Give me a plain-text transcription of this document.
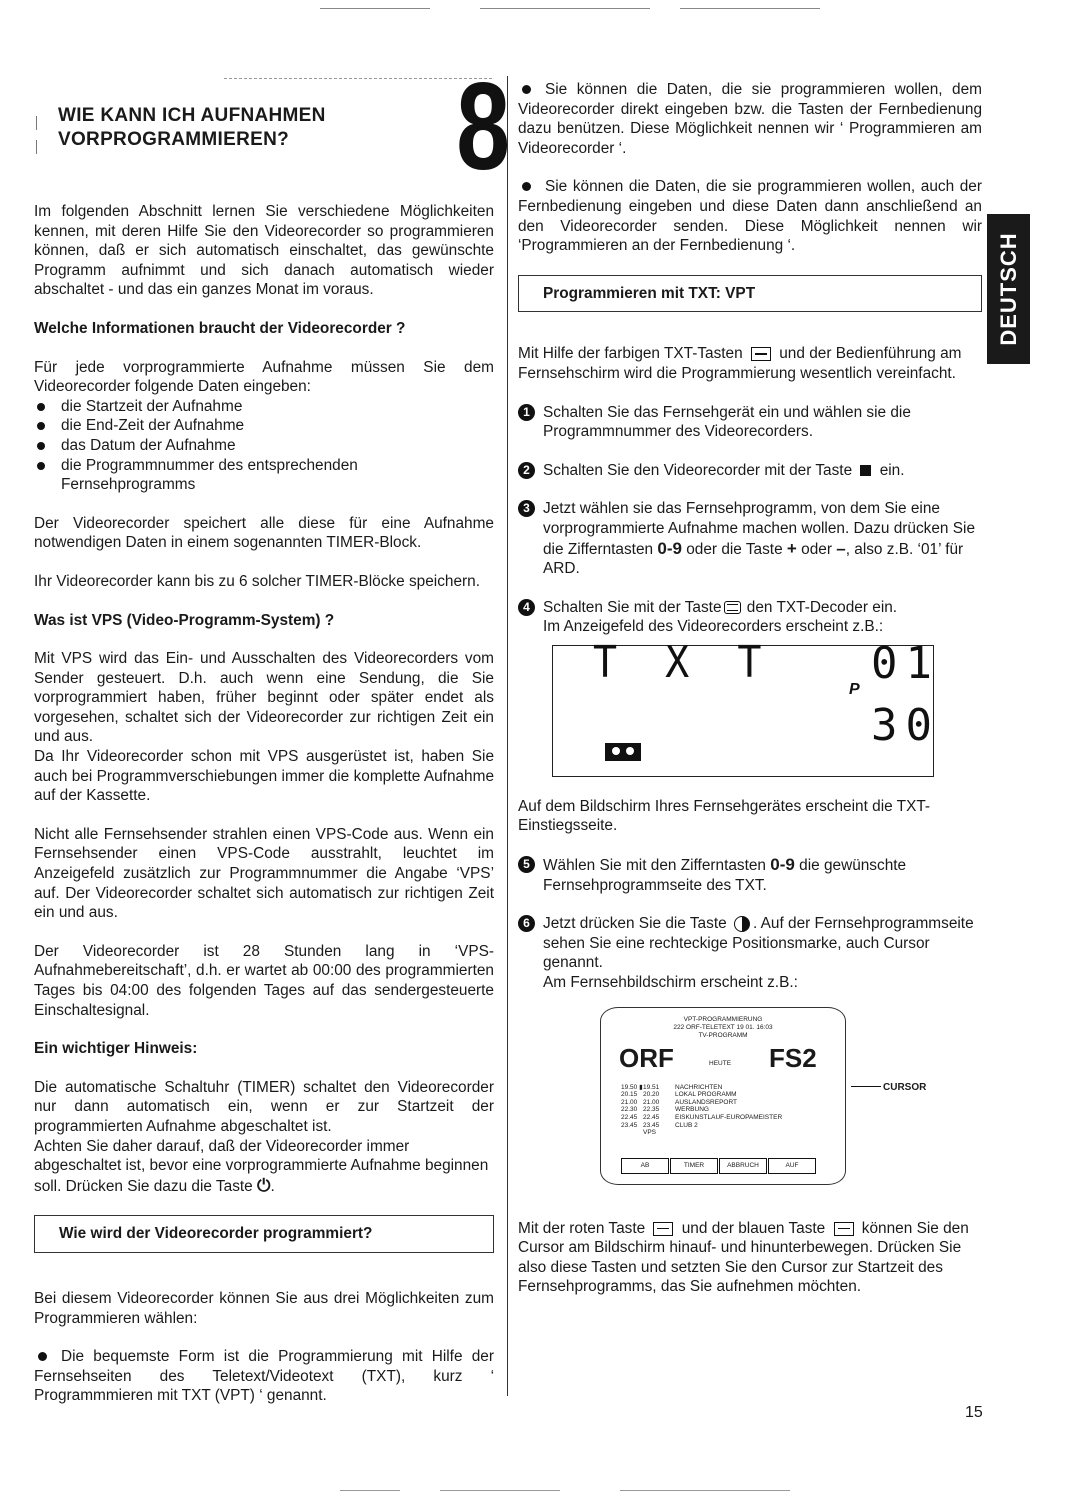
WIE KANN ICH AUFNAHMEN
VORPROGRAMMIEREN? 8

Im folgenden Abschnitt lernen Sie verschiedene Möglichkeiten kennen, mit deren Hilfe Sie den Videorecorder so programmieren können, daß er sich automatisch einschaltet, das gewünschte Programm aufnimmt und sich danach automatisch wieder abschaltet - und das ein ganzes Monat im voraus.

Welche Informationen braucht der Videorecorder ?

Für jede vorprogrammierte Aufnahme müssen Sie dem Videorecorder folgende Daten eingeben:

die Startzeit der Aufnahme
die End-Zeit der Aufnahme
das Datum der Aufnahme
die Programmnummer des entsprechenden Fernsehprogramms

Der Videorecorder speichert alle diese für eine Aufnahme notwendigen Daten in einem sogenannten TIMER-Block.

Ihr Videorecorder kann bis zu 6 solcher TIMER-Blöcke speichern.

Was ist VPS (Video-Programm-System) ?

Mit VPS wird das Ein- und Ausschalten des Videorecorders vom Sender gesteuert. D.h. auch wenn eine Sendung, die Sie vorprogrammiert haben, früher beginnt oder später endet als vorgesehen, schaltet sich der Videorecorder zur richtigen Zeit ein und aus.

Da Ihr Videorecorder schon mit VPS ausgerüstet ist, haben Sie auch bei Programmverschiebungen immer die komplette Aufnahme auf der Kassette.

Nicht alle Fernsehsender strahlen einen VPS-Code aus. Wenn ein Fernsehsender einen VPS-Code ausstrahlt, leuchtet im Anzeigefeld zusätzlich zur Programmnummer die Angabe ‘VPS’ auf. Der Videorecorder schaltet sich automatisch zur richtigen Zeit ein und aus.

Der Videorecorder ist 28 Stunden lang in ‘VPS-Aufnahmebereitschaft’, d.h. er wartet ab 00:00 des programmierten Tages bis 04:00 des folgenden Tages auf das sendergesteuerte Einschaltesignal.

Ein wichtiger Hinweis:

Die automatische Schaltuhr (TIMER) schaltet den Videorecorder nur dann automatisch ein, wenn er zur Startzeit der programmierten Aufnahme abgeschaltet ist.

Achten Sie daher darauf, daß der Videorecorder immer abgeschaltet ist, bevor eine vorprogrammierte Aufnahme beginnen soll. Drücken Sie dazu die Taste ⏻.

Wie wird der Videorecorder programmiert?

Bei diesem Videorecorder können Sie aus drei Möglichkeiten zum Programmieren wählen:

Die bequemste Form ist die Programmierung mit Hilfe der Fernsehseiten des Teletext/Videotext (TXT), kurz ‘ Programmmieren mit TXT (VPT) ‘ genannt.

Sie können die Daten, die sie programmieren wollen, dem Videorecorder direkt eingeben bzw. die Tasten der Fernbedienung dazu benützen. Diese Möglichkeit nennen wir ‘ Programmieren am Videorecorder ‘.

Sie können die Daten, die sie programmieren wollen, auch der Fernbedienung eingeben und diese Daten dann anschließend an den Videorecorder senden. Diese Möglichkeit nennen wir ‘Programmieren an der Fernbedienung ‘.

Programmieren mit TXT: VPT

Mit Hilfe der farbigen TXT-Tasten und der Bedienführung am Fernsehschirm wird die Programmierung wesentlich vereinfacht.

1 Schalten Sie das Fernsehgerät ein und wählen sie die Programmnummer des Videorecorders.
2 Schalten Sie den Videorecorder mit der Taste ein.
3 Jetzt wählen sie das Fernsehprogramm, von dem Sie eine vorprogrammierte Aufnahme machen wollen. Dazu drücken Sie die Zifferntasten 0-9 oder die Taste + oder –, also z.B. ‘01’ für ARD.
4 Schalten Sie mit der Taste den TXT-Decoder ein.
Im Anzeigefeld des Videorecorders erscheint z.B.:
T X T
P
01
30

Auf dem Bildschirm Ihres Fernsehgerätes erscheint die TXT-Einstiegsseite.

5 Wählen Sie mit den Zifferntasten 0-9 die gewünschte Fernsehprogrammseite des TXT.
6 Jetzt drücken Sie die Taste . Auf der Fernsehprogrammseite sehen Sie eine rechteckige Positionsmarke, auch Cursor genannt.
Am Fernsehbildschirm erscheint z.B.:
VPT-PROGRAMMIERUNG
222 ORF-TELETEXT 19 01. 16:03
TV-PROGRAMM
ORF	HEUTE FS2
19.50 ▮ 19.51	NACHRICHTEN
20.15 20.20	LOKAL PROGRAMM
21.00 21.00	AUSLANDSREPORT
22.30 22.35	WERBUNG
22.45 22.45	EISKUNSTLAUF-EUROPAMEISTER
23.45 23.45	CLUB 2
VPS
AB	TIMER	ABBRUCH	AUF
CURSOR

Mit der roten Taste und der blauen Taste können Sie den Cursor am Bildschirm hinauf- und hinunterbewegen. Drücken Sie also diese Tasten und setzten Sie den Cursor zur Startzeit des Fernsehprogramms, das Sie aufnehmen möchten.

DEUTSCH
15
